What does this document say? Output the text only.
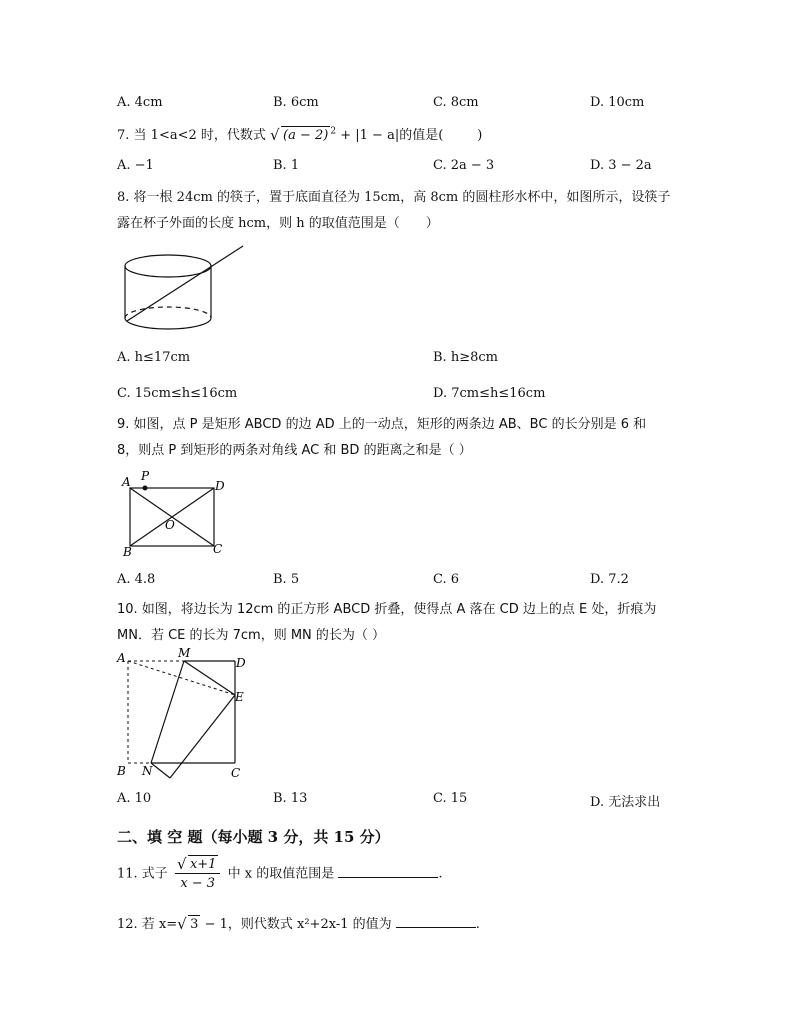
A. 4cm	B. 6cm	C. 8cm	D. 10cm
7. 当 1<a<2 时，代数式 √ (a − 2) $^2$ + |1 − a|的值是(	)
A. −1	B. 1	C. 2a − 3	D. 3 − 2a
8. 将一根 24cm 的筷子，置于底面直径为 15cm，高 8cm 的圆柱形水杯中，如图所示，设筷子
露在杯子外面的长度 hcm，则 h 的取值范围是（　　）
A. h≤17cm	B. h≥8cm
C. 15cm≤h≤16cm	D. 7cm≤h≤16cm
9. 如图，点 P 是矩形 ABCD 的边 AD 上的一动点，矩形的两条边 AB、BC 的长分别是 6 和
8，则点 P 到矩形的两条对角线 AC 和 BD 的距离之和是（ ）
A P
D
O
B	C
A. 4.8	B. 5	C. 6	D. 7.2
10. 如图，将边长为 12cm 的正方形 ABCD 折叠，使得点 A 落在 CD 边上的点 E 处，折痕为
MN．若 CE 的长为 7cm，则 MN 的长为（ ）
A	M
D
E
B N	C
A. 10	B. 13	C. 15	D. 无法求出
二、填 空 题（每小题 3 分，共 15 分）
11. 式子 $\frac{√ x+1}{x - 3}$ 中 x 的取值范围是	.
12. 若 x= √ 3 − 1，则代数式 x²+2x-1 的值为	.
